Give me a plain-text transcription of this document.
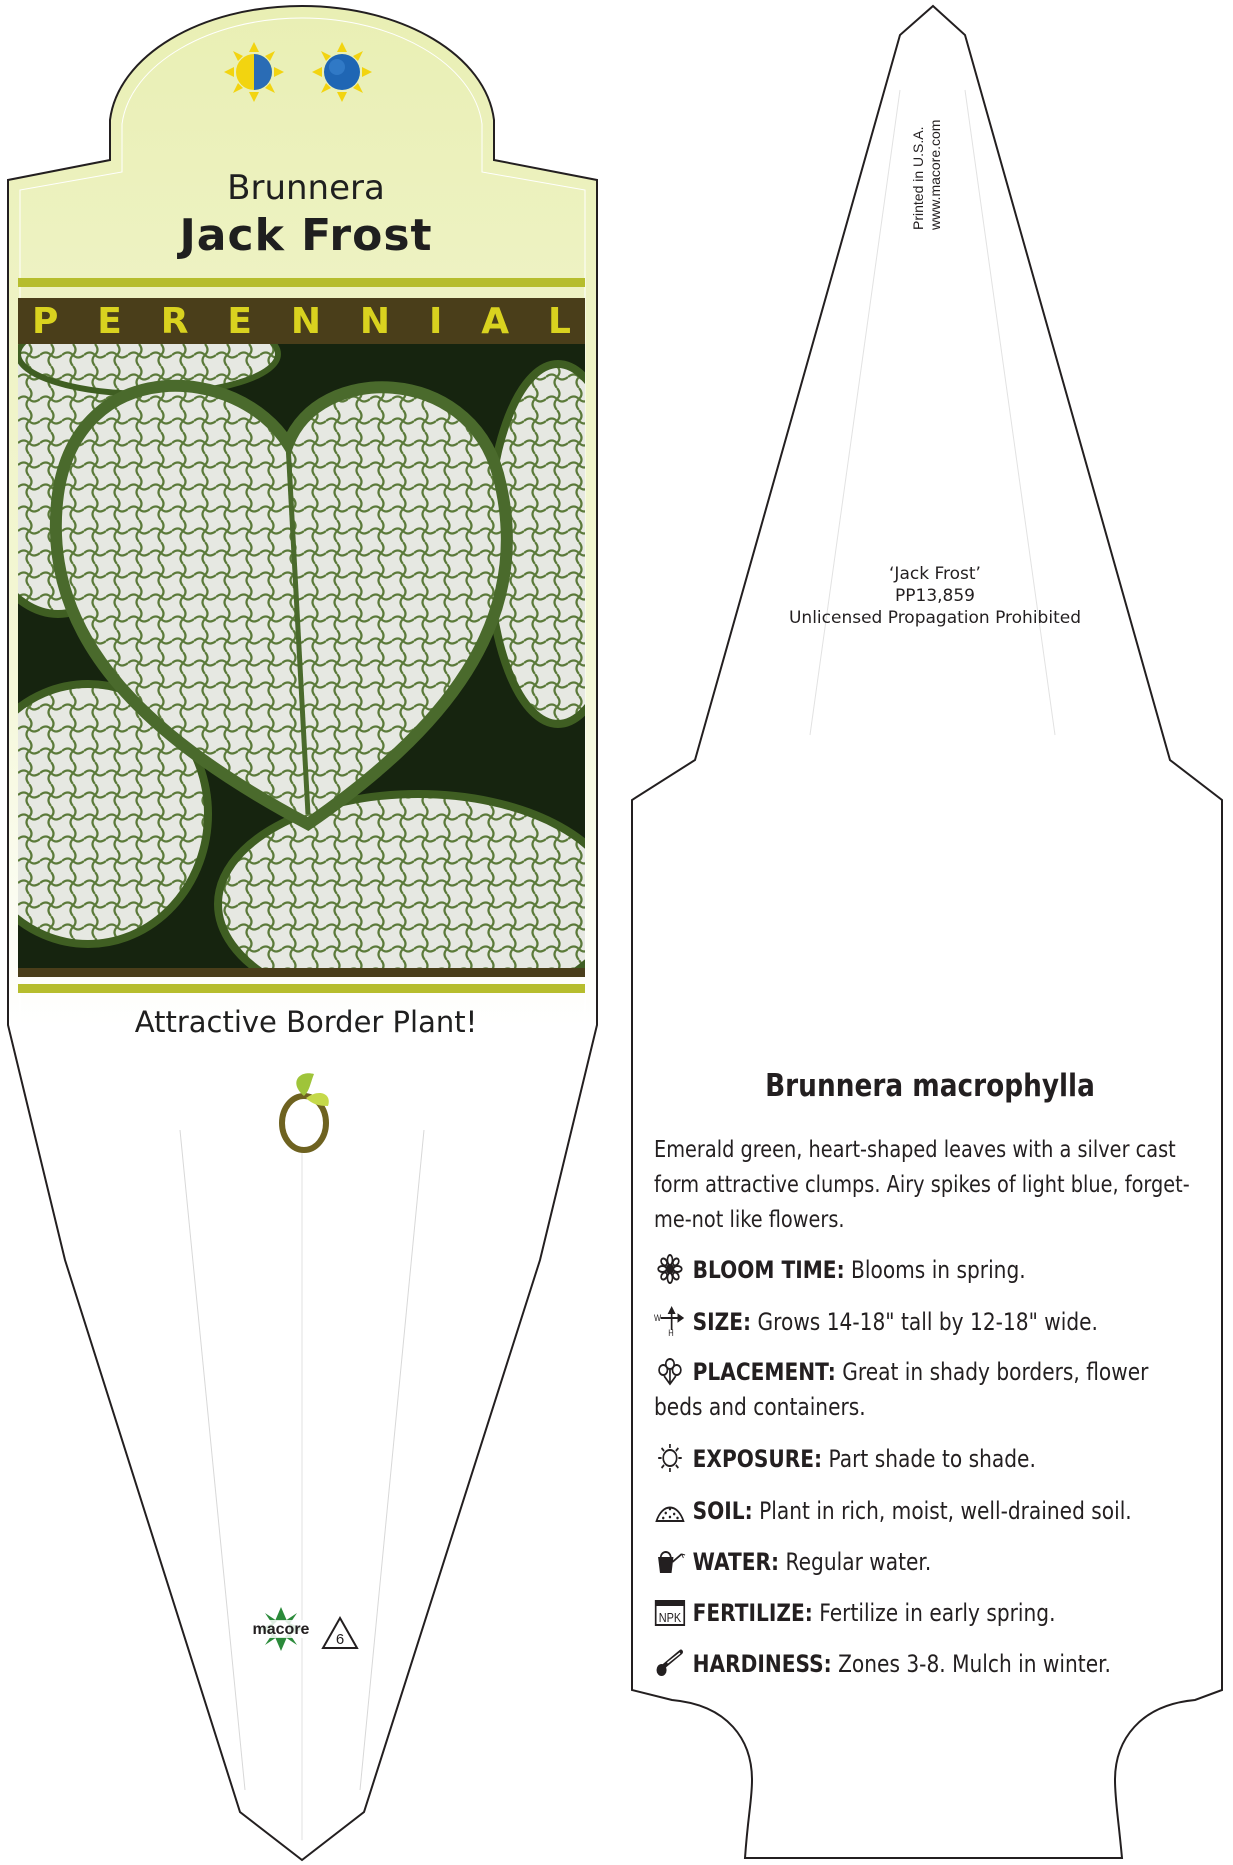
Brunnera
Jack Frost
P E R E N N I A L
Attractive Border Plant!
macore
6
Printed in U.S.A. www.macore.com
‘Jack Frost’
PP13,859
Unlicensed Propagation Prohibited
Brunnera macrophylla
Emerald green, heart-shaped leaves with a silver cast form attractive clumps. Airy spikes of light blue, forget-me-not like flowers.
BLOOM TIME: Blooms in spring.
W
H SIZE: Grows 14-18" tall by 12-18" wide.
PLACEMENT: Great in shady borders, flower beds and containers.
EXPOSURE: Part shade to shade.
SOIL: Plant in rich, moist, well-drained soil.
WATER: Regular water.
NPK FERTILIZE: Fertilize in early spring.
HARDINESS: Zones 3-8. Mulch in winter.
